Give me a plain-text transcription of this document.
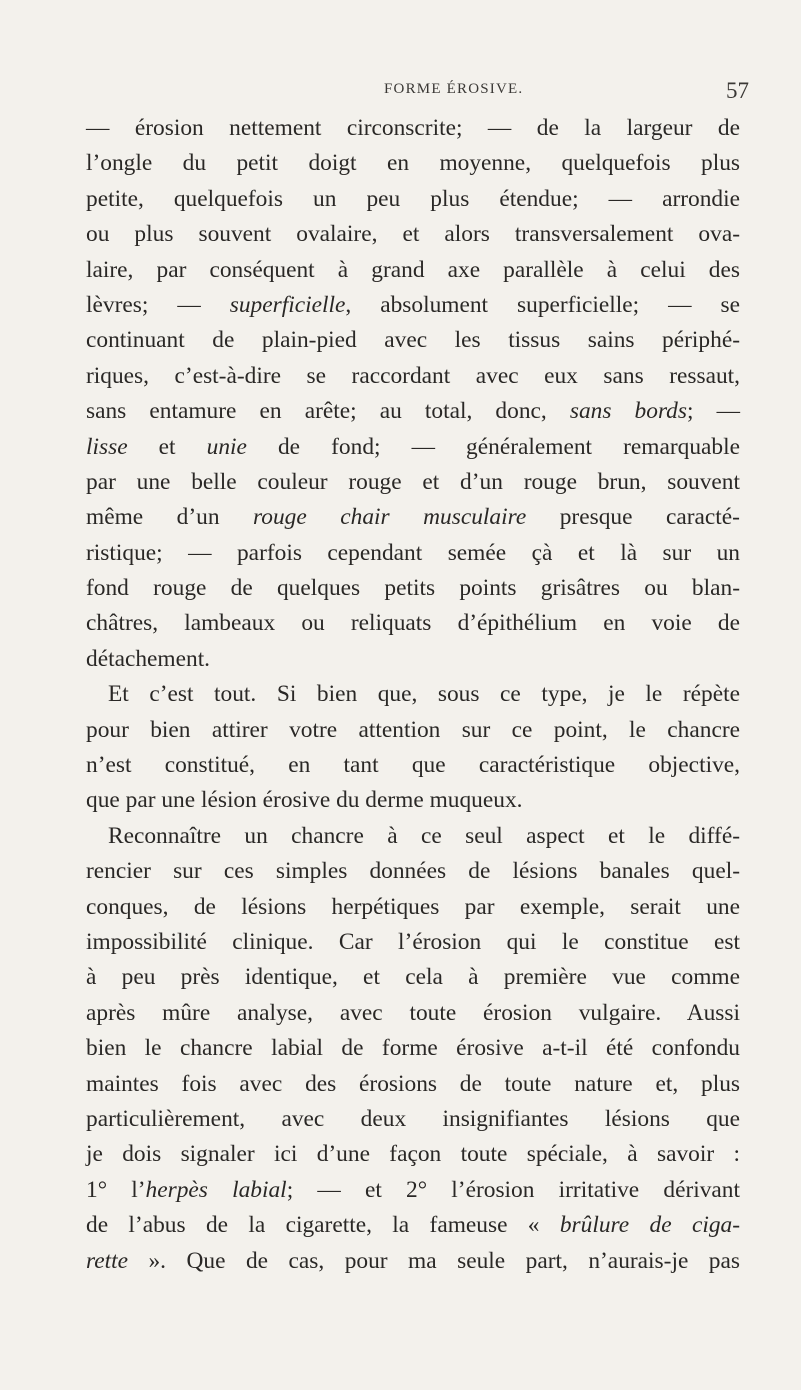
FORME ÉROSIVE.	57
— érosion nettement circonscrite; — de la largeur de
l’ongle du petit doigt en moyenne, quelquefois plus
petite, quelquefois un peu plus étendue; — arrondie
ou plus souvent ovalaire, et alors transversalement ova-
laire, par conséquent à grand axe parallèle à celui des
lèvres; — superficielle, absolument superficielle; — se
continuant de plain-pied avec les tissus sains périphé-
riques, c’est-à-dire se raccordant avec eux sans ressaut,
sans entamure en arête; au total, donc, sans bords; —
lisse et unie de fond; — généralement remarquable
par une belle couleur rouge et d’un rouge brun, souvent
même d’un rouge chair musculaire presque caracté-
ristique; — parfois cependant semée çà et là sur un
fond rouge de quelques petits points grisâtres ou blan-
châtres, lambeaux ou reliquats d’épithélium en voie de
détachement.
Et c’est tout. Si bien que, sous ce type, je le répète
pour bien attirer votre attention sur ce point, le chancre
n’est constitué, en tant que caractéristique objective,
que par une lésion érosive du derme muqueux.
Reconnaître un chancre à ce seul aspect et le diffé-
rencier sur ces simples données de lésions banales quel-
conques, de lésions herpétiques par exemple, serait une
impossibilité clinique. Car l’érosion qui le constitue est
à peu près identique, et cela à première vue comme
après mûre analyse, avec toute érosion vulgaire. Aussi
bien le chancre labial de forme érosive a-t-il été confondu
maintes fois avec des érosions de toute nature et, plus
particulièrement, avec deux insignifiantes lésions que
je dois signaler ici d’une façon toute spéciale, à savoir :
1° l’herpès labial; — et 2° l’érosion irritative dérivant
de l’abus de la cigarette, la fameuse « brûlure de ciga-
rette ». Que de cas, pour ma seule part, n’aurais-je pas
